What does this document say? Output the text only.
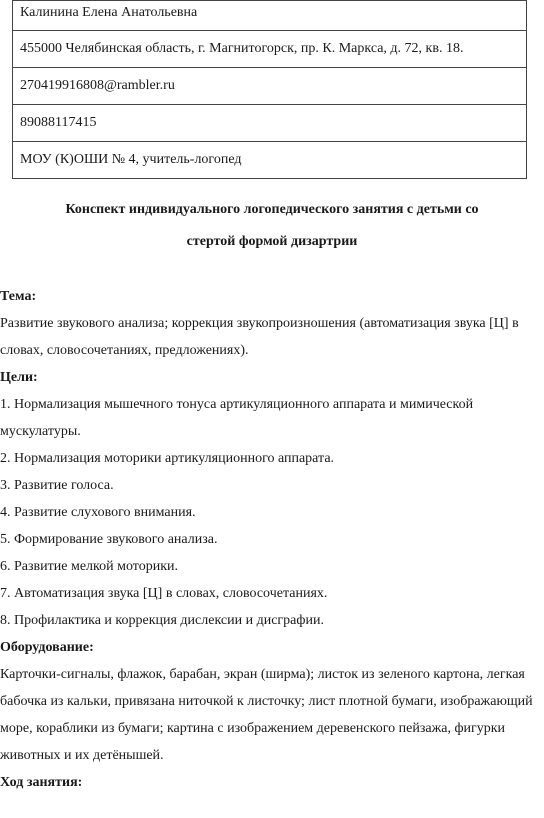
Калинина Елена Анатольевна
455000 Челябинская область, г. Магнитогорск, пр. К. Маркса, д. 72, кв. 18.
270419916808@rambler.ru
89088117415
МОУ (К)ОШИ № 4, учитель-логопед
Конспект индивидуального логопедического занятия с детьми со
стертой формой дизартрии

Тема:

Развитие звукового анализа; коррекция звукопроизношения (автоматизация звука [Ц] в словах, словосочетаниях, предложениях).

Цели:

1. Нормализация мышечного тонуса артикуляционного аппарата и мимической мускулатуры.

2. Нормализация моторики артикуляционного аппарата.

3. Развитие голоса.

4. Развитие слухового внимания.

5. Формирование звукового анализа.

6. Развитие мелкой моторики.

7. Автоматизация звука [Ц] в словах, словосочетаниях.

8. Профилактика и коррекция дислексии и дисграфии.

Оборудование:

Карточки-сигналы, флажок, барабан, экран (ширма); листок из зеленого картона, легкая бабочка из кальки, привязана ниточкой к листочку; лист плотной бумаги, изображающий море, кораблики из бумаги; картина с изображением деревенского пейзажа, фигурки животных и их детёнышей.

Ход занятия:
